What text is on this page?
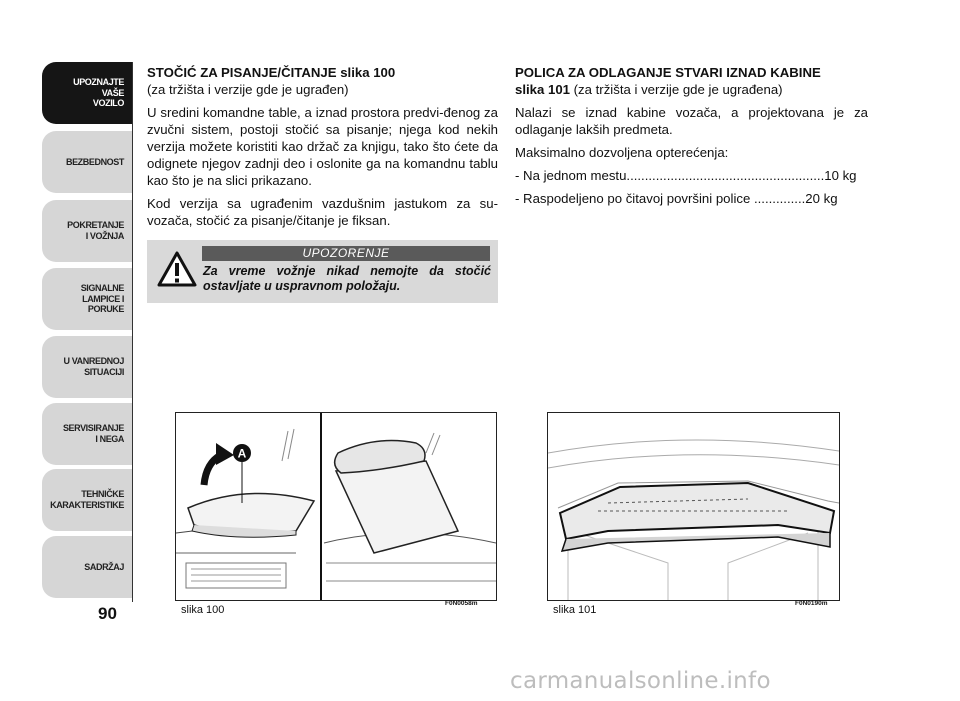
UPOZNAJTE
VAŠE
VOZILO
BEZBEDNOST
POKRETANJE
I VOŽNJA
SIGNALNE
LAMPICE I PORUKE
U VANREDNOJ
SITUACIJI
SERVISIRANJE
I NEGA
TEHNIČKE
KARAKTERISTIKE
SADRŽAJ
90

STOČIĆ ZA PISANJE/ČITANJE slika 100

(za tržišta i verzije gde je ugrađen)

U sredini komandne table, a iznad prostora predvi-đenog za zvučni sistem, postoji stočić sa pisanje; njega kod nekih verzija možete koristiti kao držač za knjigu, tako što ćete da odignete njegov zadnji deo i oslonite ga na komandnu tablu kao što je na slici prikazano.

Kod verzija sa ugrađenim vazdušnim jastukom za su-vozača, stočić za pisanje/čitanje je fiksan.

UPOZORENJE
Za vreme vožnje nikad nemojte da stočić ostavljate u uspravnom položaju.

POLICA ZA ODLAGANJE STVARI IZNAD KABINE

slika 101 (za tržišta i verzije gde je ugrađena)

Nalazi se iznad kabine vozača, a projektovana je za odlaganje lakših predmeta.

Maksimalno dozvoljena opterećenja:

- Na jednom mestu......................................................10 kg

- Raspodeljeno po čitavoj površini police ..............20 kg

A
slika 100
F0N0058m
slika 101
F0N0190m
carmanualsonline.info
